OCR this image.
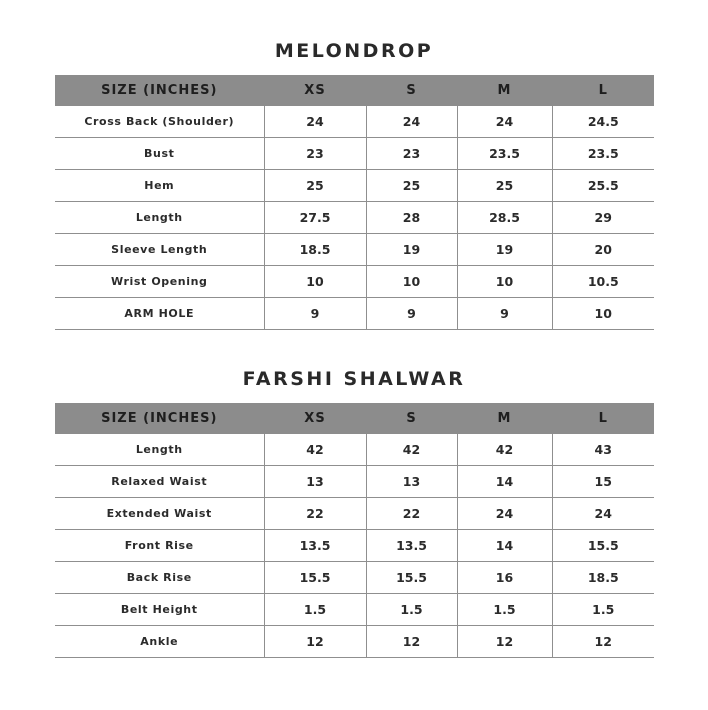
MELONDROP
SIZE (INCHES)	XS	S	M	L
Cross Back (Shoulder)	24	24	24	24.5
Bust	23	23	23.5	23.5
Hem	25	25	25	25.5
Length	27.5	28	28.5	29
Sleeve Length	18.5	19	19	20
Wrist Opening	10	10	10	10.5
ARM HOLE	9	9	9	10
FARSHI SHALWAR
SIZE (INCHES)	XS	S	M	L
Length	42	42	42	43
Relaxed Waist	13	13	14	15
Extended Waist	22	22	24	24
Front Rise	13.5	13.5	14	15.5
Back Rise	15.5	15.5	16	18.5
Belt Height	1.5	1.5	1.5	1.5
Ankle	12	12	12	12
